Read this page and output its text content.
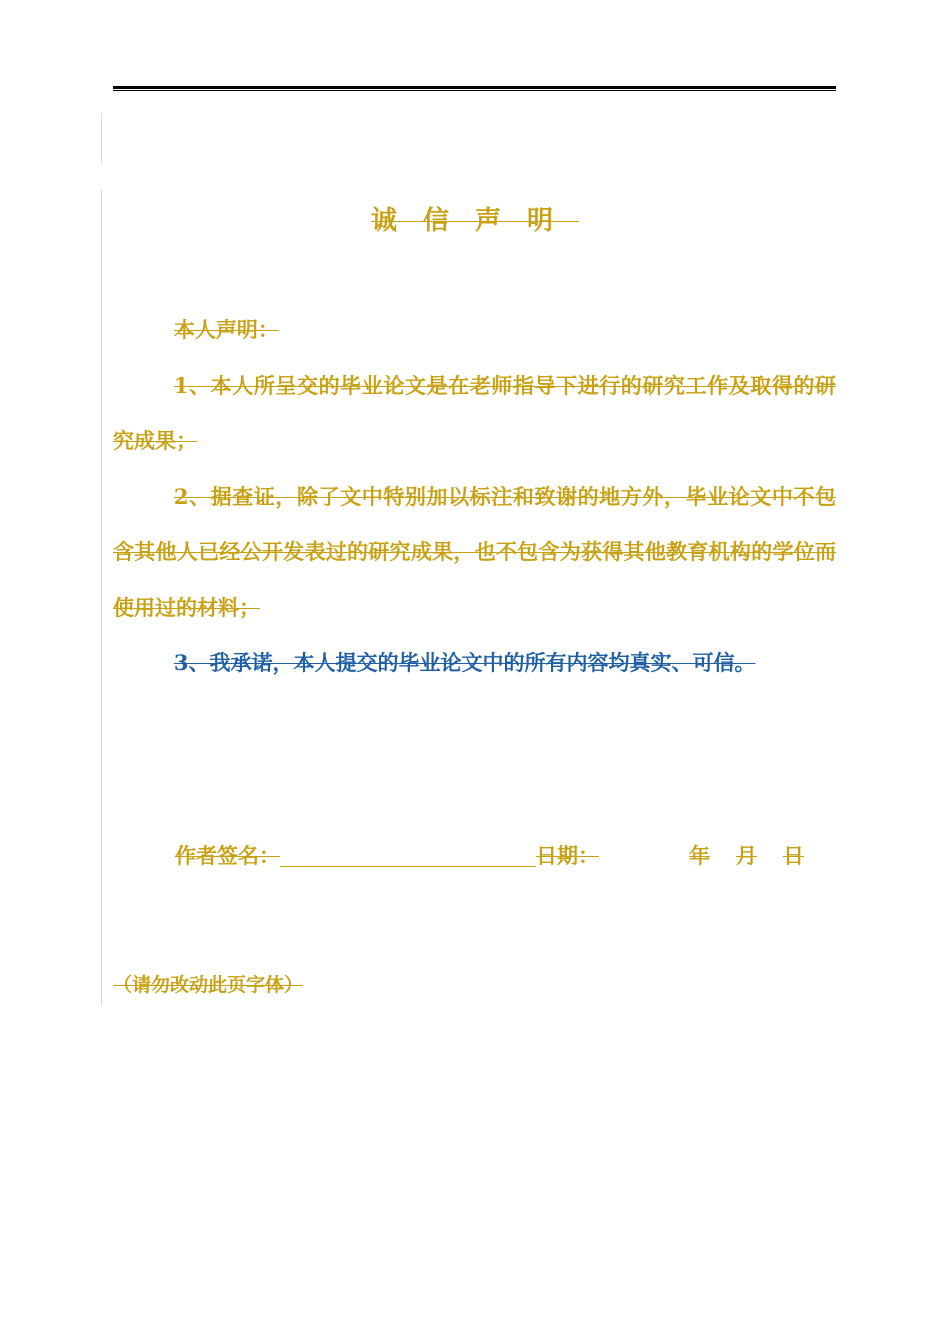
诚信声明

本人声明：

1、本人所呈交的毕业论文是在老师指导下进行的研究工作及取得的研究成果；

2、据查证，除了文中特别加以标注和致谢的地方外，毕业论文中不包含其他人已经公开发表过的研究成果，也不包含为获得其他教育机构的学位而使用过的材料；

3、我承诺，本人提交的毕业论文中的所有内容均真实、可信。

作者签名：	日期：	年 月 日
（请勿改动此页字体）
